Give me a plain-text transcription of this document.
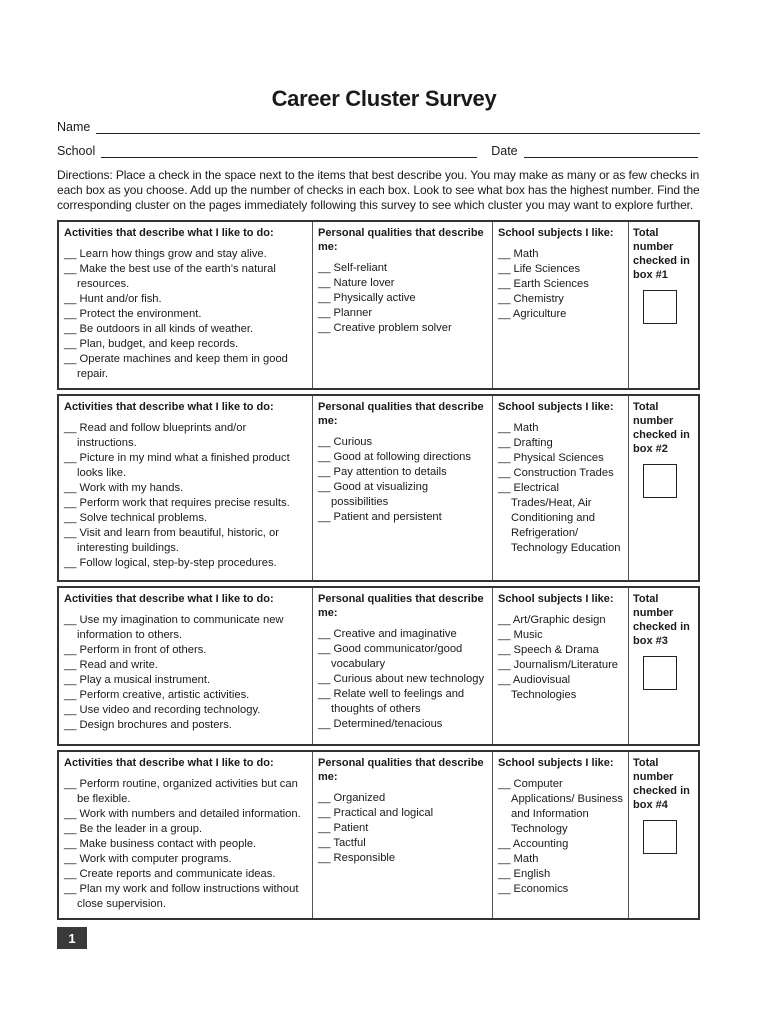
Career Cluster Survey
Name
School	Date
Directions: Place a check in the space next to the items that best describe you. You may make as many or as few checks in each box as you choose. Add up the number of checks in each box. Look to see what box has the highest number. Find the corresponding cluster on the pages immediately following this survey to see which cluster you may want to explore further.
Activities that describe what I like to do:
__ Learn how things grow and stay alive.
__ Make the best use of the earth’s natural resources.
__ Hunt and/or fish.
__ Protect the environment.
__ Be outdoors in all kinds of weather.
__ Plan, budget, and keep records.
__ Operate machines and keep them in good repair.
Personal qualities that describe me:
__ Self-reliant
__ Nature lover
__ Physically active
__ Planner
__ Creative problem solver
School subjects I like:
__ Math
__ Life Sciences
__ Earth Sciences
__ Chemistry
__ Agriculture
Total number checked in box #1
Activities that describe what I like to do:
__ Read and follow blueprints and/or instructions.
__ Picture in my mind what a finished product looks like.
__ Work with my hands.
__ Perform work that requires precise results.
__ Solve technical problems.
__ Visit and learn from beautiful, historic, or interesting buildings.
__ Follow logical, step-by-step procedures.
Personal qualities that describe me:
__ Curious
__ Good at following directions
__ Pay attention to details
__ Good at visualizing possibilities
__ Patient and persistent
School subjects I like:
__ Math
__ Drafting
__ Physical Sciences
__ Construction Trades
__ Electrical Trades/Heat, Air Conditioning and Refrigeration/ Technology Education
Total number checked in box #2
Activities that describe what I like to do:
__ Use my imagination to communicate new information to others.
__ Perform in front of others.
__ Read and write.
__ Play a musical instrument.
__ Perform creative, artistic activities.
__ Use video and recording technology.
__ Design brochures and posters.
Personal qualities that describe me:
__ Creative and imaginative
__ Good communicator/good vocabulary
__ Curious about new technology
__ Relate well to feelings and thoughts of others
__ Determined/tenacious
School subjects I like:
__ Art/Graphic design
__ Music
__ Speech & Drama
__ Journalism/Literature
__ Audiovisual Technologies
Total number checked in box #3
Activities that describe what I like to do:
__ Perform routine, organized activities but can be flexible.
__ Work with numbers and detailed information.
__ Be the leader in a group.
__ Make business contact with people.
__ Work with computer programs.
__ Create reports and communicate ideas.
__ Plan my work and follow instructions without close supervision.
Personal qualities that describe me:
__ Organized
__ Practical and logical
__ Patient
__ Tactful
__ Responsible
School subjects I like:
__ Computer Applications/ Business and Information Technology
__ Accounting
__ Math
__ English
__ Economics
Total number checked in box #4
1
